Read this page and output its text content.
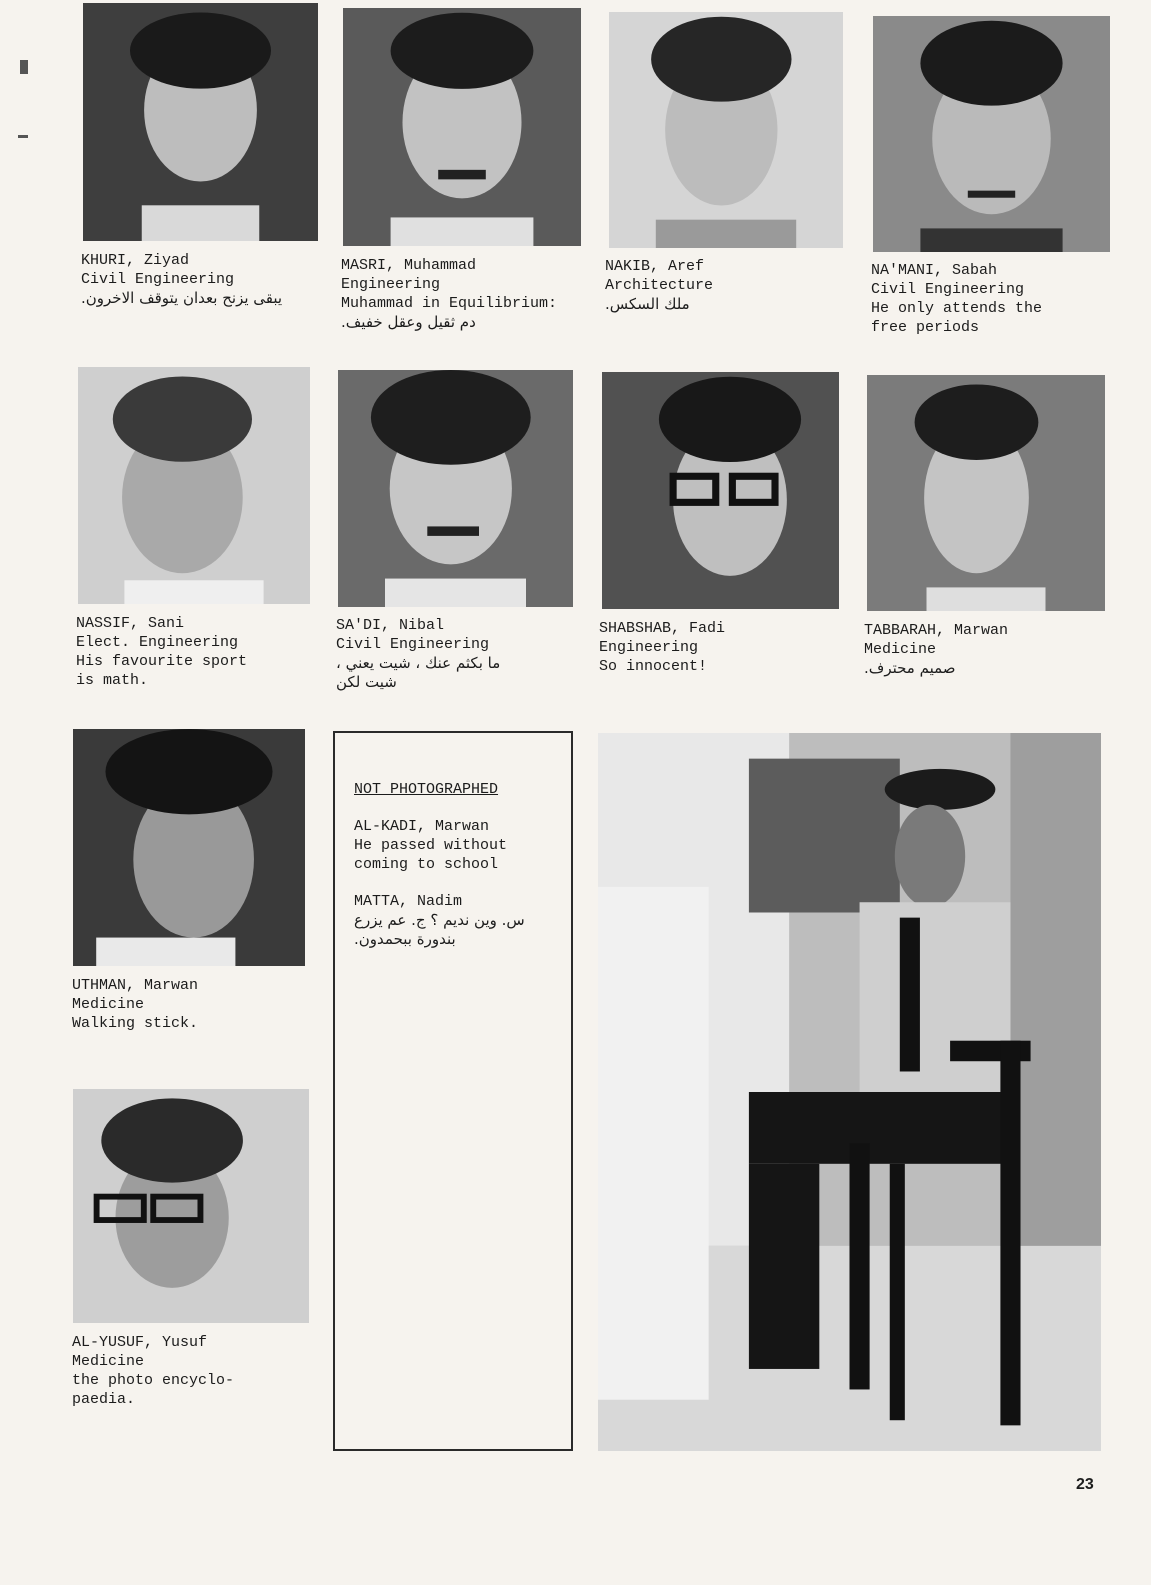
KHURI, Ziyad
Civil Engineering
يبقى يزنح بعدان يتوقف الاخرون.
MASRI, Muhammad
Engineering
Muhammad in Equilibrium:
دم ثقيل وعقل خفيف.
NAKIB, Aref
Architecture
ملك السكس.
NA'MANI, Sabah
Civil Engineering
He only attends the
free periods
NASSIF, Sani
Elect. Engineering
His favourite sport
is math.
SA'DI, Nibal
Civil Engineering
ما بكثم عنك ، شيت يعني ،
شيت لكن
SHABSHAB, Fadi
Engineering
So innocent!
TABBARAH, Marwan
Medicine
صميم محترف.
UTHMAN, Marwan
Medicine
Walking stick.
NOT PHOTOGRAPHED
AL-KADI, Marwan
He passed without
coming to school
MATTA, Nadim
س. وين نديم ؟ ج. عم يزرع
بندورة ببحمدون.
AL-YUSUF, Yusuf
Medicine
the photo encyclo-
paedia.
23
